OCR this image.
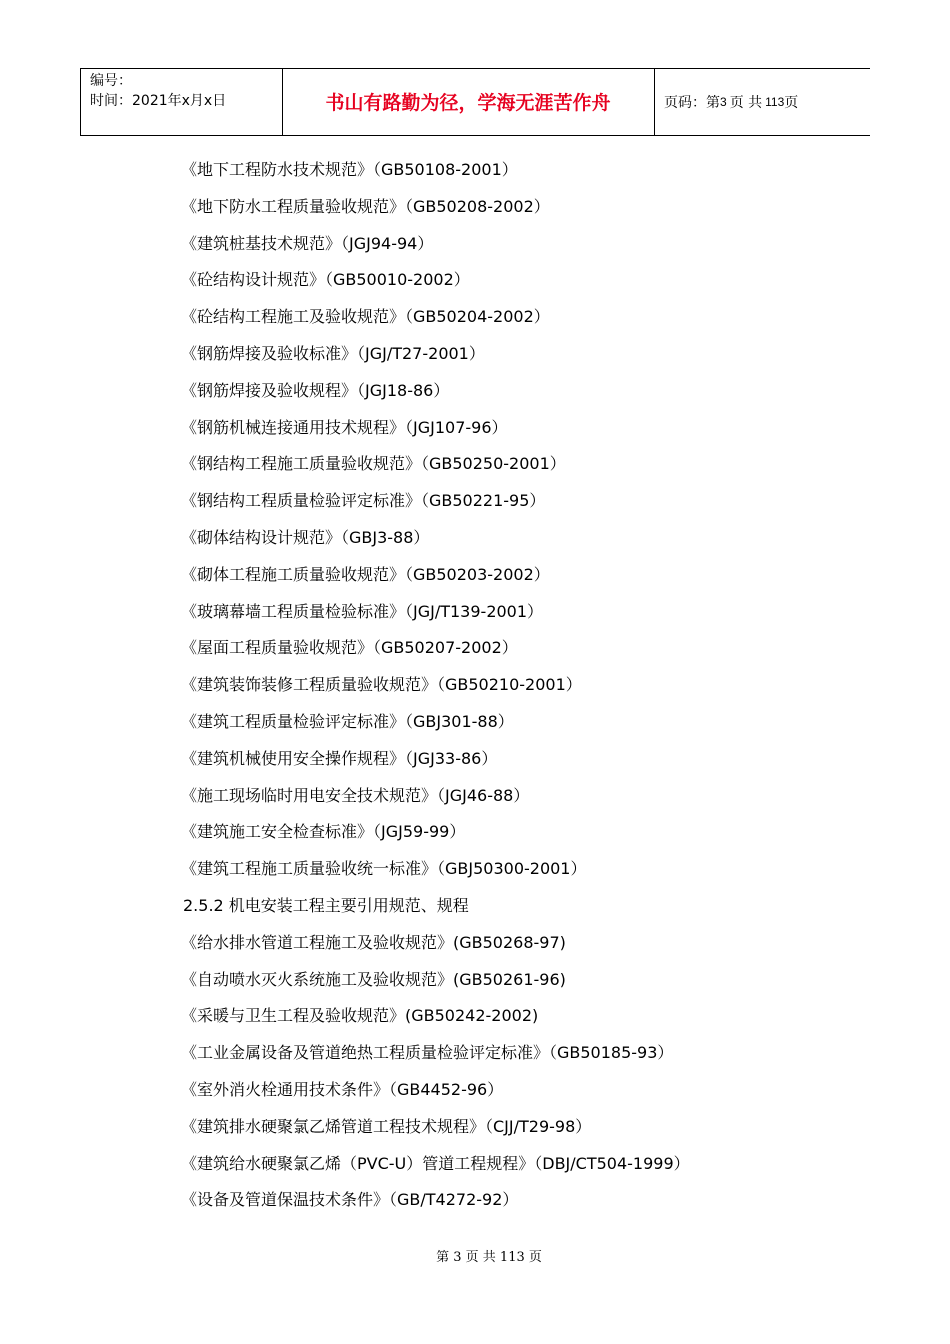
编号：
时间：2021年x月x日	书山有路勤为径，学海无涯苦作舟	页码：第 3 页 共 113 页
《地下工程防水技术规范》（GB50108-2001）
《地下防水工程质量验收规范》（GB50208-2002）
《建筑桩基技术规范》（JGJ94-94）
《砼结构设计规范》（GB50010-2002）
《砼结构工程施工及验收规范》（GB50204-2002）
《钢筋焊接及验收标准》（JGJ/T27-2001）
《钢筋焊接及验收规程》（JGJ18-86）
《钢筋机械连接通用技术规程》（JGJ107-96）
《钢结构工程施工质量验收规范》（GB50250-2001）
《钢结构工程质量检验评定标准》（GB50221-95）
《砌体结构设计规范》（GBJ3-88）
《砌体工程施工质量验收规范》（GB50203-2002）
《玻璃幕墙工程质量检验标准》（JGJ/T139-2001）
《屋面工程质量验收规范》（GB50207-2002）
《建筑装饰装修工程质量验收规范》（GB50210-2001）
《建筑工程质量检验评定标准》（GBJ301-88）
《建筑机械使用安全操作规程》（JGJ33-86）
《施工现场临时用电安全技术规范》（JGJ46-88）
《建筑施工安全检查标准》（JGJ59-99）
《建筑工程施工质量验收统一标准》（GBJ50300-2001）
2.5.2 机电安装工程主要引用规范、规程
《给水排水管道工程施工及验收规范》(GB50268-97)
《自动喷水灭火系统施工及验收规范》(GB50261-96)
《采暖与卫生工程及验收规范》(GB50242-2002)
《工业金属设备及管道绝热工程质量检验评定标准》（GB50185-93）
《室外消火栓通用技术条件》（GB4452-96）
《建筑排水硬聚氯乙烯管道工程技术规程》（CJJ/T29-98）
《建筑给水硬聚氯乙烯（PVC-U）管道工程规程》（DBJ/CT504-1999）
《设备及管道保温技术条件》（GB/T4272-92）
第 3 页 共 113 页
